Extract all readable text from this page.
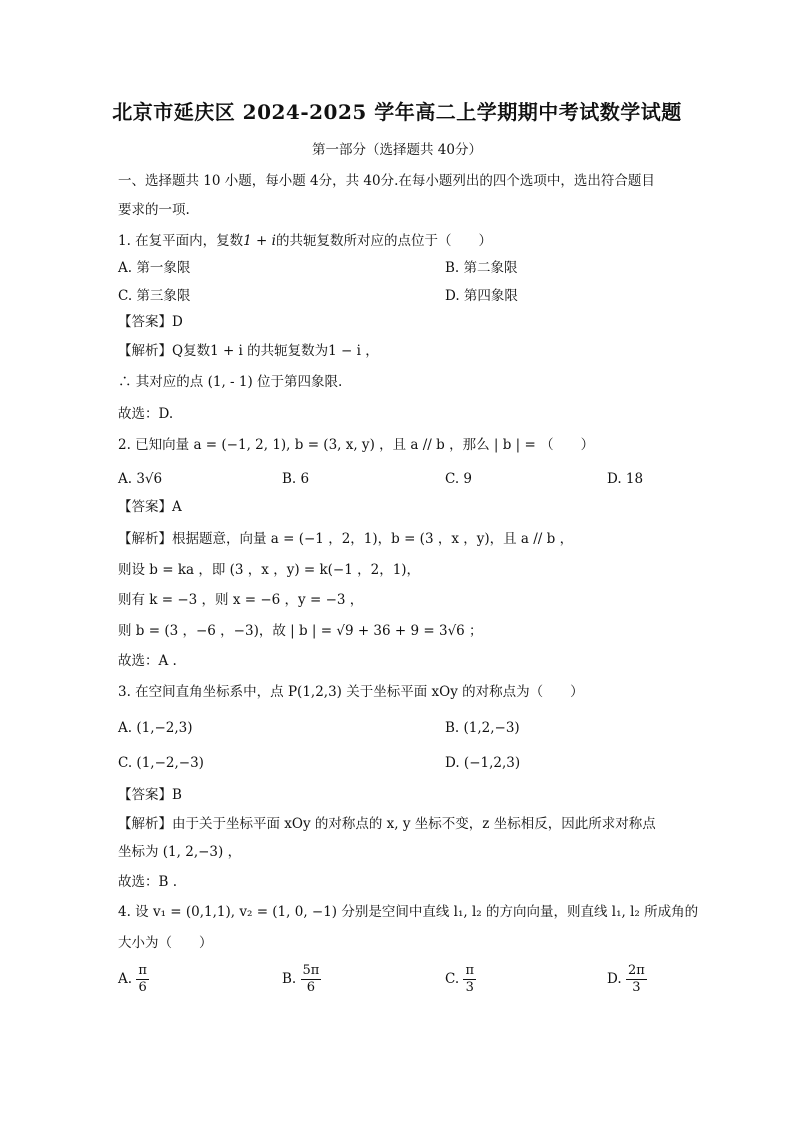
北京市延庆区 2024-2025 学年高二上学期期中考试数学试题
第一部分（选择题共 40分）
一、选择题共 10 小题，每小题 4分，共 40分.在每小题列出的四个选项中，选出符合题目
要求的一项.
1. 在复平面内，复数1 + i的共轭复数所对应的点位于（　　）
A. 第一象限	B. 第二象限
C. 第三象限	D. 第四象限
【答案】D
【解析】Q复数1 + i 的共轭复数为1 − i ，
∴ 其对应的点 (1, - 1) 位于第四象限.
故选：D.
2. 已知向量 a = (−1, 2, 1), b = (3, x, y) ，且 a // b ，那么 | b | = （　　）
A. 3√6	B. 6	C. 9	D. 18
【答案】A
【解析】根据题意，向量 a = (−1 ，2，1)，b = (3 ，x ，y)，且 a // b ，
则设 b = ka ，即 (3 ，x ，y) = k(−1 ，2，1)，
则有 k = −3 ，则 x = −6 ，y = −3 ，
则 b = (3 ，−6 ，−3)，故 | b | = √9 + 36 + 9 = 3√6 ；
故选：A .
3. 在空间直角坐标系中，点 P(1,2,3) 关于坐标平面 xOy 的对称点为（　　）
A. (1,−2,3)	B. (1,2,−3)
C. (1,−2,−3)	D. (−1,2,3)
【答案】B
【解析】由于关于坐标平面 xOy 的对称点的 x, y 坐标不变，z 坐标相反，因此所求对称点
坐标为 (1, 2,−3) ，
故选：B .
4. 设 v₁ = (0,1,1), v₂ = (1, 0, −1) 分别是空间中直线 l₁, l₂ 的方向向量，则直线 l₁, l₂ 所成角的
大小为（　　）
A. $\frac{\pi}{6}$	B. $\frac{5\pi}{6}$	C. $\frac{\pi}{3}$	D. $\frac{2\pi}{3}$
